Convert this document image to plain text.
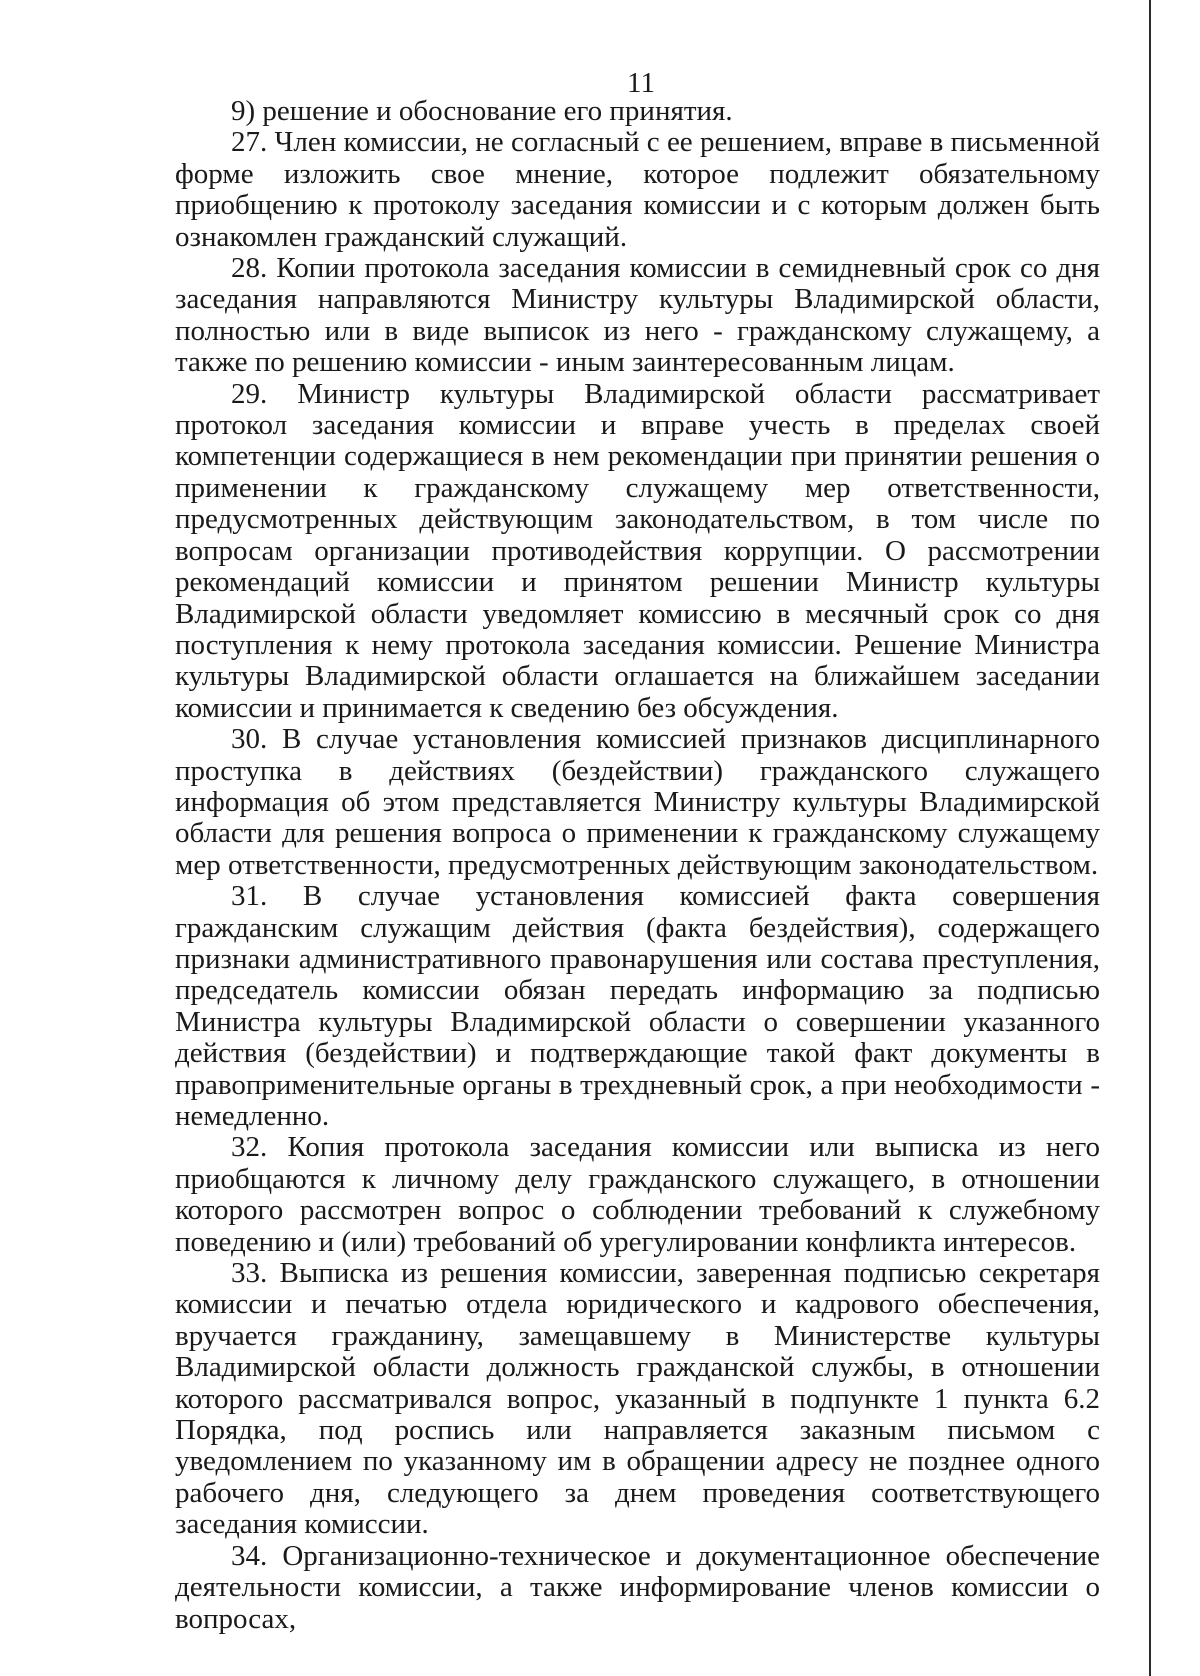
11

9) решение и обоснование его принятия.

27. Член комиссии, не согласный с ее решением, вправе в письменной форме изложить свое мнение, которое подлежит обязательному приобщению к протоколу заседания комиссии и с которым должен быть ознакомлен гражданский служащий.

28. Копии протокола заседания комиссии в семидневный срок со дня заседания направляются Министру культуры Владимирской области, полностью или в виде выписок из него - гражданскому служащему, а также по решению комиссии - иным заинтересованным лицам.

29. Министр культуры Владимирской области рассматривает протокол заседания комиссии и вправе учесть в пределах своей компетенции содержащиеся в нем рекомендации при принятии решения о применении к гражданскому служащему мер ответственности, предусмотренных действующим законодательством, в том числе по вопросам организации противодействия коррупции. О рассмотрении рекомендаций комиссии и принятом решении Министр культуры Владимирской области уведомляет комиссию в месячный срок со дня поступления к нему протокола заседания комиссии. Решение Министра культуры Владимирской области оглашается на ближайшем заседании комиссии и принимается к сведению без обсуждения.

30. В случае установления комиссией признаков дисциплинарного проступка в действиях (бездействии) гражданского служащего информация об этом представляется Министру культуры Владимирской области для решения вопроса о применении к гражданскому служащему мер ответственности, предусмотренных действующим законодательством.

31. В случае установления комиссией факта совершения гражданским служащим действия (факта бездействия), содержащего признаки административного правонарушения или состава преступления, председатель комиссии обязан передать информацию за подписью Министра культуры Владимирской области о совершении указанного действия (бездействии) и подтверждающие такой факт документы в правоприменительные органы в трехдневный срок, а при необходимости - немедленно.

32. Копия протокола заседания комиссии или выписка из него приобщаются к личному делу гражданского служащего, в отношении которого рассмотрен вопрос о соблюдении требований к служебному поведению и (или) требований об урегулировании конфликта интересов.

33. Выписка из решения комиссии, заверенная подписью секретаря комиссии и печатью отдела юридического и кадрового обеспечения, вручается гражданину, замещавшему в Министерстве культуры Владимирской области должность гражданской службы, в отношении которого рассматривался вопрос, указанный в подпункте 1 пункта 6.2 Порядка, под роспись или направляется заказным письмом с уведомлением по указанному им в обращении адресу не позднее одного рабочего дня, следующего за днем проведения соответствующего заседания комиссии.

34. Организационно-техническое и документационное обеспечение деятельности комиссии, а также информирование членов комиссии о вопросах,
